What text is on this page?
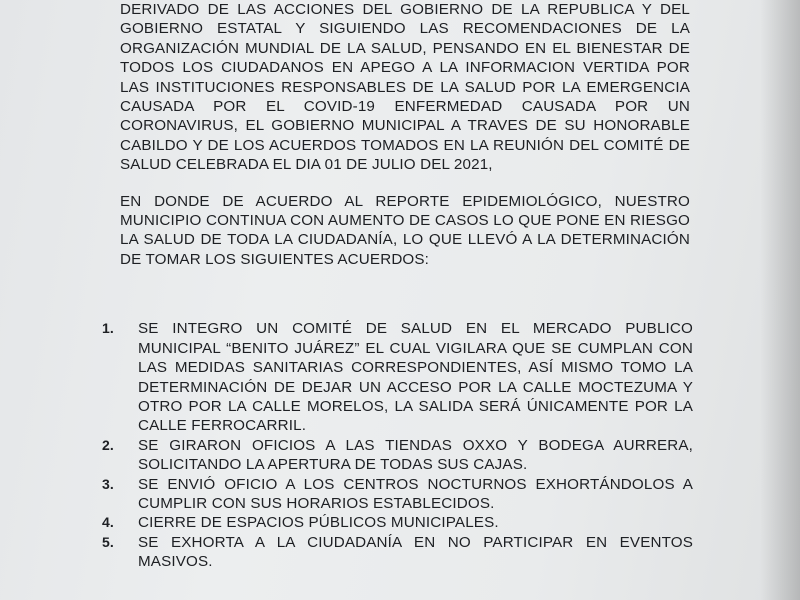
DERIVADO DE LAS ACCIONES DEL GOBIERNO DE LA REPUBLICA Y DEL GOBIERNO ESTATAL Y SIGUIENDO LAS RECOMENDACIONES DE LA ORGANIZACIÓN MUNDIAL DE LA SALUD, PENSANDO EN EL BIENESTAR DE TODOS LOS CIUDADANOS EN APEGO A LA INFORMACION VERTIDA POR LAS INSTITUCIONES RESPONSABLES DE LA SALUD POR LA EMERGENCIA CAUSADA POR EL COVID-19 ENFERMEDAD CAUSADA POR UN CORONAVIRUS, EL GOBIERNO MUNICIPAL A TRAVES DE SU HONORABLE CABILDO Y DE LOS ACUERDOS TOMADOS EN LA REUNIÓN DEL COMITÉ DE SALUD CELEBRADA EL DIA 01 DE JULIO DEL 2021,

EN DONDE DE ACUERDO AL REPORTE EPIDEMIOLÓGICO, NUESTRO MUNICIPIO CONTINUA CON AUMENTO DE CASOS LO QUE PONE EN RIESGO LA SALUD DE TODA LA CIUDADANÍA, LO QUE LLEVÓ A LA DETERMINACIÓN DE TOMAR LOS SIGUIENTES ACUERDOS:

1. SE INTEGRO UN COMITÉ DE SALUD EN EL MERCADO PUBLICO MUNICIPAL “BENITO JUÁREZ” EL CUAL VIGILARA QUE SE CUMPLAN CON LAS MEDIDAS SANITARIAS CORRESPONDIENTES, ASÍ MISMO TOMO LA DETERMINACIÓN DE DEJAR UN ACCESO POR LA CALLE MOCTEZUMA Y OTRO POR LA CALLE MORELOS, LA SALIDA SERÁ ÚNICAMENTE POR LA CALLE FERROCARRIL.
2. SE GIRARON OFICIOS A LAS TIENDAS OXXO Y BODEGA AURRERA, SOLICITANDO LA APERTURA DE TODAS SUS CAJAS.
3. SE ENVIÓ OFICIO A LOS CENTROS NOCTURNOS EXHORTÁNDOLOS A CUMPLIR CON SUS HORARIOS ESTABLECIDOS.
4. CIERRE DE ESPACIOS PÚBLICOS MUNICIPALES.
5. SE EXHORTA A LA CIUDADANÍA EN NO PARTICIPAR EN EVENTOS MASIVOS.
